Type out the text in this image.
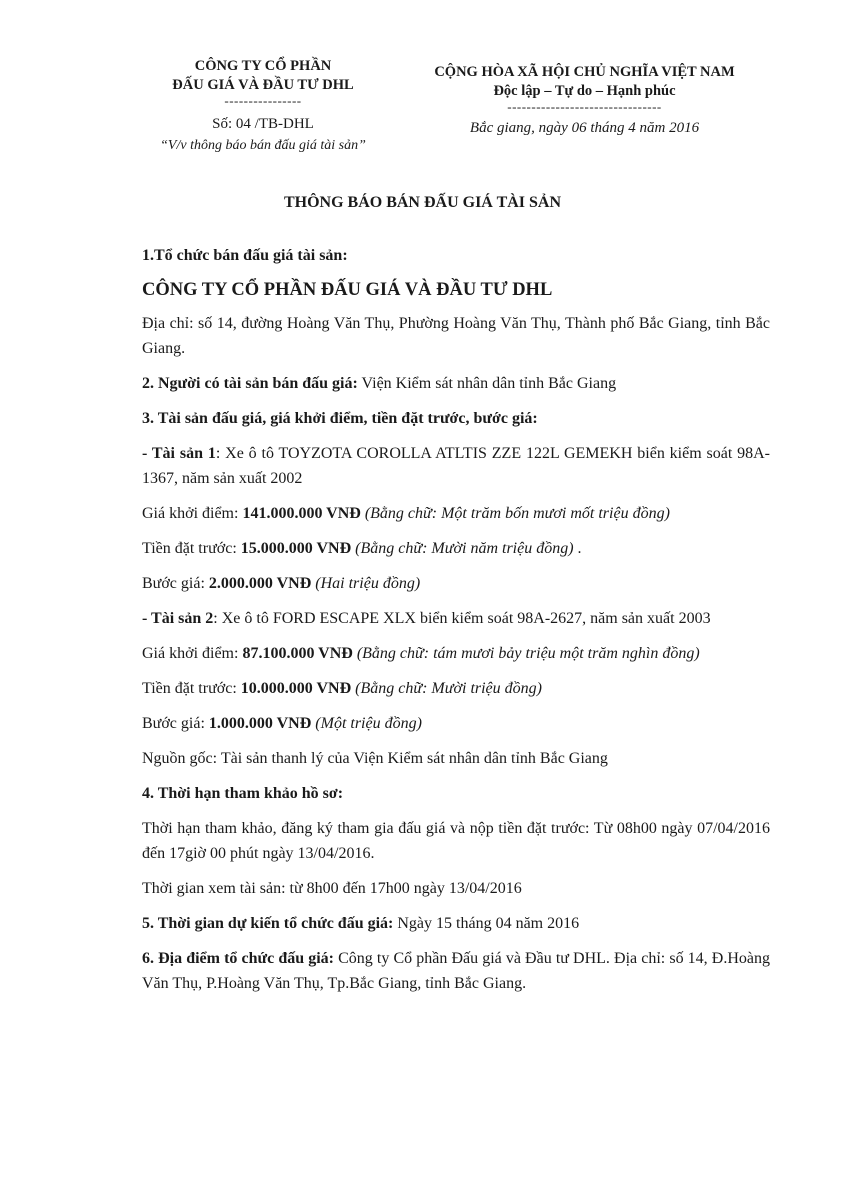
CÔNG TY CỔ PHẦN
ĐẤU GIÁ VÀ ĐẦU TƯ DHL
----------------
Số: 04 /TB-DHL
“V/v thông báo bán đấu giá tài sản”
CỘNG HÒA XÃ HỘI CHỦ NGHĨA VIỆT NAM
Độc lập – Tự do – Hạnh phúc
--------------------------------
Bắc giang, ngày 06 tháng 4 năm 2016
THÔNG BÁO BÁN ĐẤU GIÁ TÀI SẢN

1.Tổ chức bán đấu giá tài sản:

CÔNG TY CỔ PHẦN ĐẤU GIÁ VÀ ĐẦU TƯ DHL

Địa chỉ: số 14, đường Hoàng Văn Thụ, Phường Hoàng Văn Thụ, Thành phố Bắc Giang, tỉnh Bắc Giang.

2. Người có tài sản bán đấu giá: Viện Kiểm sát nhân dân tỉnh Bắc Giang

3. Tài sản đấu giá, giá khởi điểm, tiền đặt trước, bước giá:

- Tài sản 1: Xe ô tô TOYZOTA COROLLA ATLTIS ZZE 122L GEMEKH biển kiểm soát 98A-1367, năm sản xuất 2002

Giá khởi điểm: 141.000.000 VNĐ (Bằng chữ: Một trăm bốn mươi mốt triệu đồng)

Tiền đặt trước: 15.000.000 VNĐ (Bằng chữ: Mười năm triệu đồng) .

Bước giá: 2.000.000 VNĐ (Hai triệu đồng)

- Tài sản 2: Xe ô tô FORD ESCAPE XLX biển kiểm soát 98A-2627, năm sản xuất 2003

Giá khởi điểm: 87.100.000 VNĐ (Bằng chữ: tám mươi bảy triệu một trăm nghìn đồng)

Tiền đặt trước: 10.000.000 VNĐ (Bằng chữ: Mười triệu đồng)

Bước giá: 1.000.000 VNĐ (Một triệu đồng)

Nguồn gốc: Tài sản thanh lý của Viện Kiểm sát nhân dân tỉnh Bắc Giang

4. Thời hạn tham khảo hồ sơ:

Thời hạn tham khảo, đăng ký tham gia đấu giá và nộp tiền đặt trước: Từ 08h00 ngày 07/04/2016 đến 17giờ 00 phút ngày 13/04/2016.

Thời gian xem tài sản: từ 8h00 đến 17h00 ngày 13/04/2016

5. Thời gian dự kiến tổ chức đấu giá: Ngày 15 tháng 04 năm 2016

6. Địa điểm tổ chức đấu giá: Công ty Cổ phần Đấu giá và Đầu tư DHL. Địa chỉ: số 14, Đ.Hoàng Văn Thụ, P.Hoàng Văn Thụ, Tp.Bắc Giang, tỉnh Bắc Giang.
